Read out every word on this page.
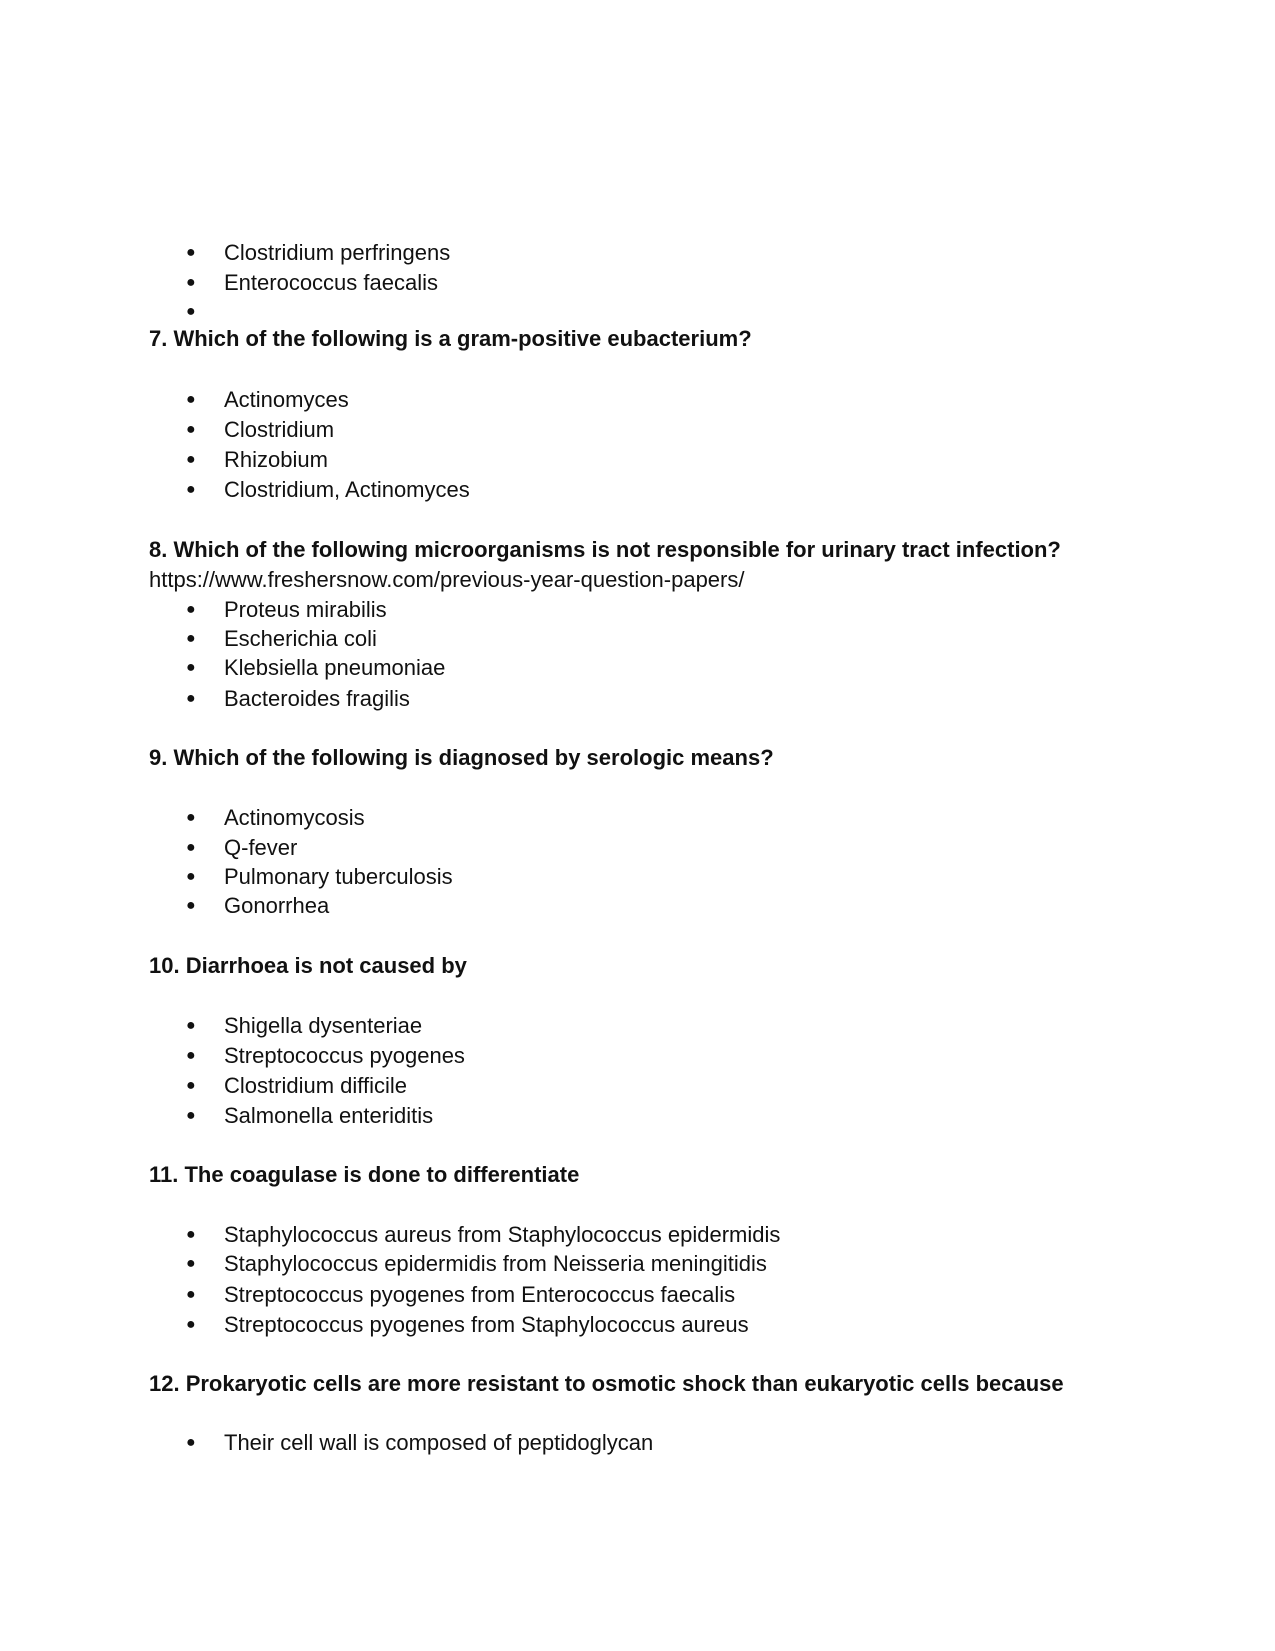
● Clostridium perfringens
● Enterococcus faecalis
●
7. Which of the following is a gram-positive eubacterium?
● Actinomyces
● Clostridium
● Rhizobium
● Clostridium, Actinomyces
8. Which of the following microorganisms is not responsible for urinary tract infection?
https://www.freshersnow.com/previous-year-question-papers/
● Proteus mirabilis
● Escherichia coli
● Klebsiella pneumoniae
● Bacteroides fragilis
9. Which of the following is diagnosed by serologic means?
● Actinomycosis
● Q-fever
● Pulmonary tuberculosis
● Gonorrhea
10. Diarrhoea is not caused by
● Shigella dysenteriae
● Streptococcus pyogenes
● Clostridium difficile
● Salmonella enteriditis
11. The coagulase is done to differentiate
● Staphylococcus aureus from Staphylococcus epidermidis
● Staphylococcus epidermidis from Neisseria meningitidis
● Streptococcus pyogenes from Enterococcus faecalis
● Streptococcus pyogenes from Staphylococcus aureus
12. Prokaryotic cells are more resistant to osmotic shock than eukaryotic cells because
● Their cell wall is composed of peptidoglycan
